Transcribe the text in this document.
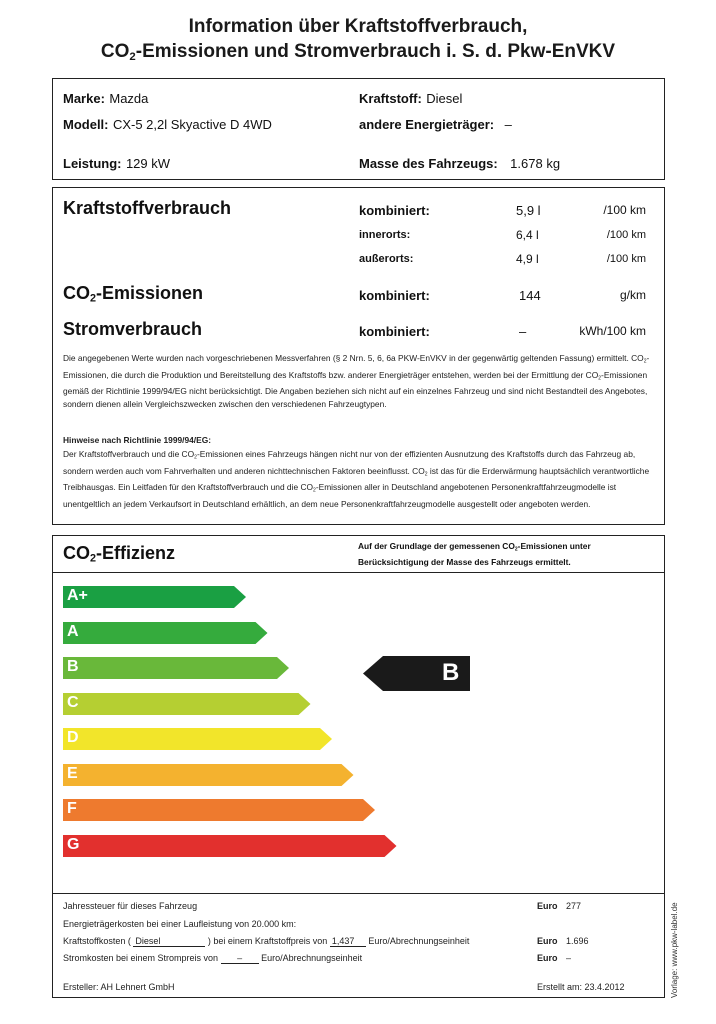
Information über Kraftstoffverbrauch,
$CO_2$-Emissionen und Stromverbrauch i. S. d. Pkw-EnVKV
Marke: Mazda
Modell: CX-5 2,2l Skyactive D 4WD
Leistung: 129 kW
Kraftstoff: Diesel
andere Energieträger: –
Masse des Fahrzeugs: 1.678 kg
Kraftstoffverbrauch	kombiniert:	5,9 l	/100 km
innerorts:	6,4 l	/100 km
außerorts:	4,9 l	/100 km
$CO_2$-Emissionen	kombiniert:	144	g/km
Stromverbrauch	kombiniert:	–	kWh/100 km
Die angegebenen Werte wurden nach vorgeschriebenen Messverfahren (§ 2 Nrn. 5, 6, 6a PKW-EnVKV in der gegenwärtig geltenden Fassung) ermittelt. $CO_2$-Emissionen, die durch die Produktion und Bereitstellung des Kraftstoffs bzw. anderer Energieträger entstehen, werden bei der Ermittlung der $CO_2$-Emissionen gemäß der Richtlinie 1999/94/EG nicht berücksichtigt. Die Angaben beziehen sich nicht auf ein einzelnes Fahrzeug und sind nicht Bestandteil des Angebotes, sondern dienen allein Vergleichszwecken zwischen den verschiedenen Fahrzeugtypen.
Hinweise nach Richtlinie 1999/94/EG:
Der Kraftstoffverbrauch und die $CO_2$-Emissionen eines Fahrzeugs hängen nicht nur von der effizienten Ausnutzung des Kraftstoffs durch das Fahrzeug ab, sondern werden auch vom Fahrverhalten und anderen nichttechnischen Faktoren beeinflusst. $CO_2$ ist das für die Erderwärmung hauptsächlich verantwortliche Treibhausgas. Ein Leitfaden für den Kraftstoffverbrauch und die $CO_2$-Emissionen aller in Deutschland angebotenen Personenkraftfahrzeugmodelle ist unentgeltlich an jedem Verkaufsort in Deutschland erhältlich, an dem neue Personenkraftfahrzeugmodelle ausgestellt oder angeboten werden.
$CO_2$-Effizienz	Auf der Grundlage der gemessenen $CO_2$-Emissionen unter Berücksichtigung der Masse des Fahrzeugs ermittelt.
A+
A
B
C
D
E
F
G
B
Jahressteuer für dieses Fahrzeug	Euro 277
Energieträgerkosten bei einer Laufleistung von 20.000 km:
Kraftstoffkosten ( Diesel	) bei einem Kraftstoffpreis von 1,437 Euro/Abrechnungseinheit	Euro 1.696
Stromkosten bei einem Strompreis von – Euro/Abrechnungseinheit	Euro –
Ersteller: AH Lehnert GmbH	Erstellt am: 23.4.2012	Vorlage: www.pkw-label.de
